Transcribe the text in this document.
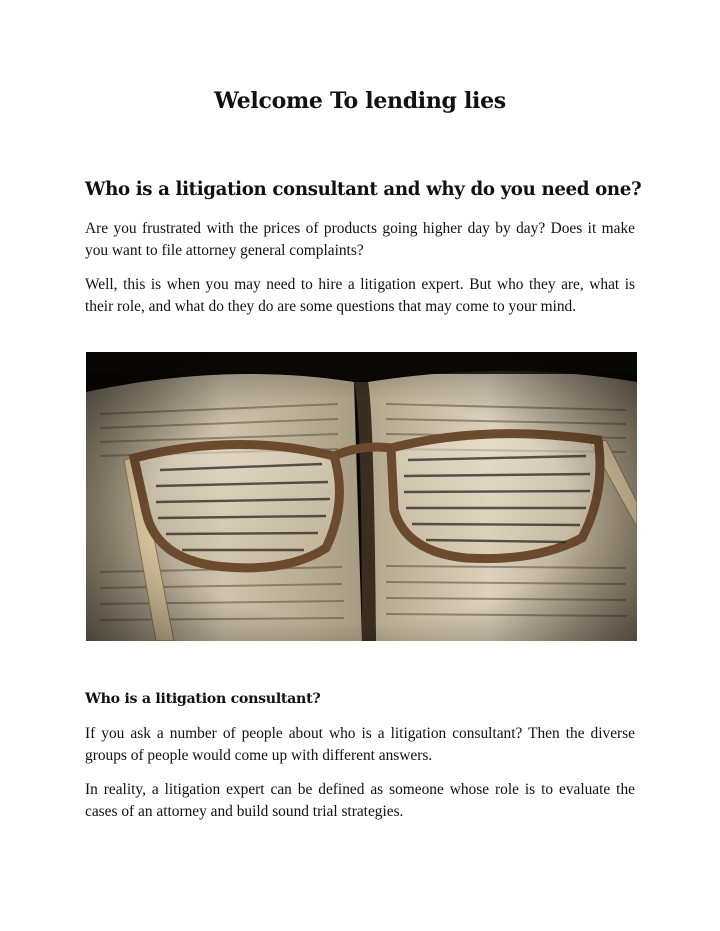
Welcome To lending lies
Who is a litigation consultant and why do you need one?

Are you frustrated with the prices of products going higher day by day? Does it make you want to file attorney general complaints?

Well, this is when you may need to hire a litigation expert. But who they are, what is their role, and what do they do are some questions that may come to your mind.

Who is a litigation consultant?

If you ask a number of people about who is a litigation consultant? Then the diverse groups of people would come up with different answers.

In reality, a litigation expert can be defined as someone whose role is to evaluate the cases of an attorney and build sound trial strategies.
